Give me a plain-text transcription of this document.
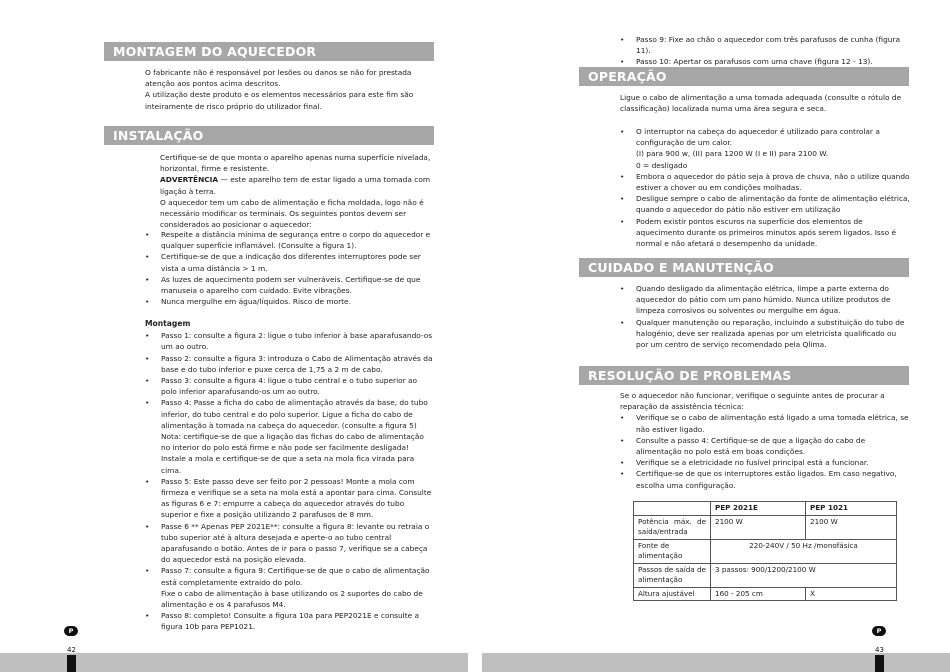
MONTAGEM DO AQUECEDOR

O fabricante não é responsável por lesões ou danos se não for prestada atenção aos pontos acima descritos.

A utilização deste produto e os elementos necessários para este fim são inteiramente de risco próprio do utilizador final.

INSTALAÇÃO

Certifique-se de que monta o aparelho apenas numa superfície nivelada, horizontal, firme e resistente.

ADVERTÊNCIA — este aparelho tem de estar ligado a uma tomada com ligação à terra.

O aquecedor tem um cabo de alimentação e ficha moldada, logo não é necessário modificar os terminais. Os seguintes pontos devem ser considerados ao posicionar o aquecedor:

• Respeite a distância mínima de segurança entre o corpo do aquecedor e qualquer superfície inflamável. (Consulte a figura 1).
• Certifique-se de que a indicação dos diferentes interruptores pode ser vista a uma distância > 1 m.
• As luzes de aquecimento podem ser vulneráveis. Certifique-se de que manuseia o aparelho com cuidado. Evite vibrações.
• Nunca mergulhe em água/líquidos. Risco de morte.
Montagem
• Passo 1: consulte a figura 2: ligue o tubo inferior à base aparafusando-os um ao outro.
• Passo 2: consulte a figura 3: introduza o Cabo de Alimentação através da base e do tubo inferior e puxe cerca de 1,75 a 2 m de cabo.
• Passo 3: consulte a figura 4: ligue o tubo central e o tubo superior ao polo inferior aparafusando-os um ao outro.
• Passo 4: Passe a ficha do cabo de alimentação através da base, do tubo inferior, do tubo central e do polo superior. Ligue a ficha do cabo de alimentação à tomada na cabeça do aquecedor. (consulte a figura 5)
Nota: certifique-se de que a ligação das fichas do cabo de alimentação no interior do polo está firme e não pode ser facilmente desligada! Instale a mola e certifique-se de que a seta na mola fica virada para cima.
• Passo 5: Este passo deve ser feito por 2 pessoas! Monte a mola com firmeza e verifique se a seta na mola está a apontar para cima. Consulte as figuras 6 e 7: empurre a cabeça do aquecedor através do tubo superior e fixe a posição utilizando 2 parafusos de 8 mm.
• Passe 6 ** Apenas PEP 2021E**: consulte a figura 8: levante ou retraia o tubo superior até à altura desejada e aperte-o ao tubo central aparafusando o botão. Antes de ir para o passo 7, verifique se a cabeça do aquecedor está na posição elevada.
• Passo 7: consulte a figura 9: Certifique-se de que o cabo de alimentação está completamente extraído do polo.
Fixe o cabo de alimentação à base utilizando os 2 suportes do cabo de alimentação e os 4 parafusos M4.
• Passo 8: completo! Consulte a figura 10a para PEP2021E e consulte a figura 10b para PEP1021.
P
• Passo 9: Fixe ao chão o aquecedor com três parafusos de cunha (figura 11).
• Passo 10: Apertar os parafusos com uma chave (figura 12 - 13).
OPERAÇÃO

Ligue o cabo de alimentação a uma tomada adequada (consulte o rótulo de classificação) localizada numa uma área segura e seca.

• O interruptor na cabeça do aquecedor é utilizado para controlar a configuração de um calor.
(I) para 900 w, (II) para 1200 W (I e II) para 2100 W.
0 = desligado
• Embora o aquecedor do pátio seja à prova de chuva, não o utilize quando estiver a chover ou em condições molhadas.
• Desligue sempre o cabo de alimentação da fonte de alimentação elétrica, quando o aquecedor do pátio não estiver em utilização
• Podem existir pontos escuros na superfície dos elementos de aquecimento durante os primeiros minutos após serem ligados. Isso é normal e não afetará o desempenho da unidade.
CUIDADO E MANUTENÇÃO
• Quando desligado da alimentação elétrica, limpe a parte externa do aquecedor do pátio com um pano húmido. Nunca utilize produtos de limpeza corrosivos ou solventes ou mergulhe em água.
• Qualquer manutenção ou reparação, incluindo a substituição do tubo de halogénio, deve ser realizada apenas por um eletricista qualificado ou por um centro de serviço recomendado pela Qlima.
RESOLUÇÃO DE PROBLEMAS

Se o aquecedor não funcionar, verifique o seguinte antes de procurar a reparação da assistência técnica:

• Verifique se o cabo de alimentação está ligado a uma tomada elétrica, se não estiver ligado.
• Consulte a passo 4: Certifique-se de que a ligação do cabo de alimentação no polo está em boas condições.
• Verifique se a eletricidade no fusível principal está a funcionar.
• Certifique-se de que os interruptores estão ligados. Em caso negativo, escolha uma configuração.
	PEP 2021E	PEP 1021
Potência máx. de saída/entrada	2100 W	2100 W
Fonte de alimentação	220-240V / 50 Hz /monofásica	
Passos de saída de alimentação	3 passos: 900/1200/2100 W	
Altura ajustável	160 - 205 cm	X
P
42	43
